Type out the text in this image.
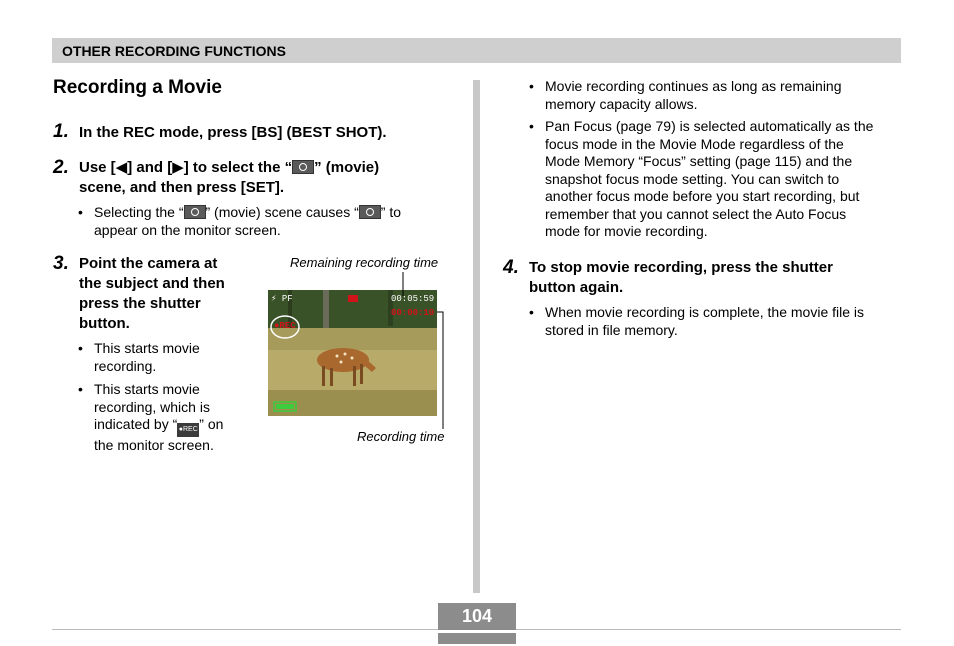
OTHER RECORDING FUNCTIONS
Recording a Movie
1. In the REC mode, press [BS] (BEST SHOT).
2. Use [◀] and [▶] to select the “ ” (movie)
scene, and then press [SET].
• Selecting the “ ” (movie) scene causes “ ” to
appear on the monitor screen.
3. Point the camera at
the subject and then
press the shutter
button.
• This starts movie
recording.
• This starts movie
recording, which is
indicated by “●REC ” on
the monitor screen.
Remaining recording time
Recording time
⚡ PF	00:05:59
00:00:10
●REC
• Movie recording continues as long as remaining
memory capacity allows.
• Pan Focus (page 79) is selected automatically as the
focus mode in the Movie Mode regardless of the
Mode Memory “Focus” setting (page 115) and the
snapshot focus mode setting. You can switch to
another focus mode before you start recording, but
remember that you cannot select the Auto Focus
mode for movie recording.
4. To stop movie recording, press the shutter
button again.
• When movie recording is complete, the movie file is
stored in file memory.
104
